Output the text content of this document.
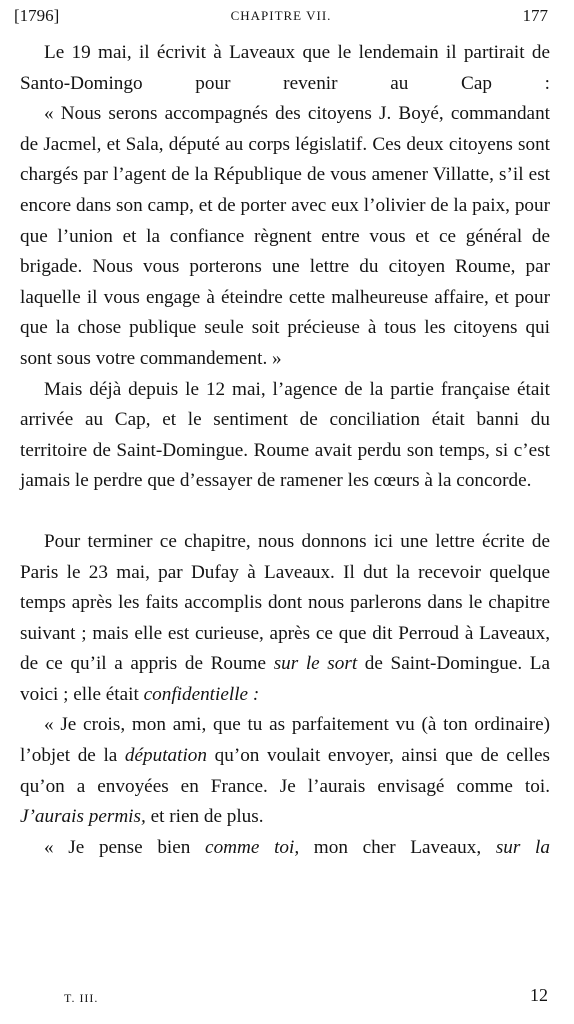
[1796]	CHAPITRE VII.	177

Le 19 mai, il écrivit à Laveaux que le lendemain il partirait de Santo-Domingo pour revenir au Cap :

« Nous serons accompagnés des citoyens J. Boyé, commandant de Jacmel, et Sala, député au corps législatif. Ces deux citoyens sont chargés par l’agent de la République de vous amener Villatte, s’il est encore dans son camp, et de porter avec eux l’olivier de la paix, pour que l’union et la confiance règnent entre vous et ce général de brigade. Nous vous porterons une lettre du citoyen Roume, par laquelle il vous engage à éteindre cette malheureuse affaire, et pour que la chose publique seule soit précieuse à tous les citoyens qui sont sous votre commandement. »

Mais déjà depuis le 12 mai, l’agence de la partie française était arrivée au Cap, et le sentiment de conciliation était banni du territoire de Saint-Domingue. Roume avait perdu son temps, si c’est jamais le perdre que d’essayer de ramener les cœurs à la concorde.

Pour terminer ce chapitre, nous donnons ici une lettre écrite de Paris le 23 mai, par Dufay à Laveaux. Il dut la recevoir quelque temps après les faits accomplis dont nous parlerons dans le chapitre suivant ; mais elle est curieuse, après ce que dit Perroud à Laveaux, de ce qu’il a appris de Roume sur le sort de Saint-Domingue. La voici ; elle était confidentielle :

« Je crois, mon ami, que tu as parfaitement vu (à ton ordinaire) l’objet de la députation qu’on voulait envoyer, ainsi que de celles qu’on a envoyées en France. Je l’aurais envisagé comme toi. J’aurais permis, et rien de plus.

« Je pense bien comme toi, mon cher Laveaux, sur la

T. III.	12
